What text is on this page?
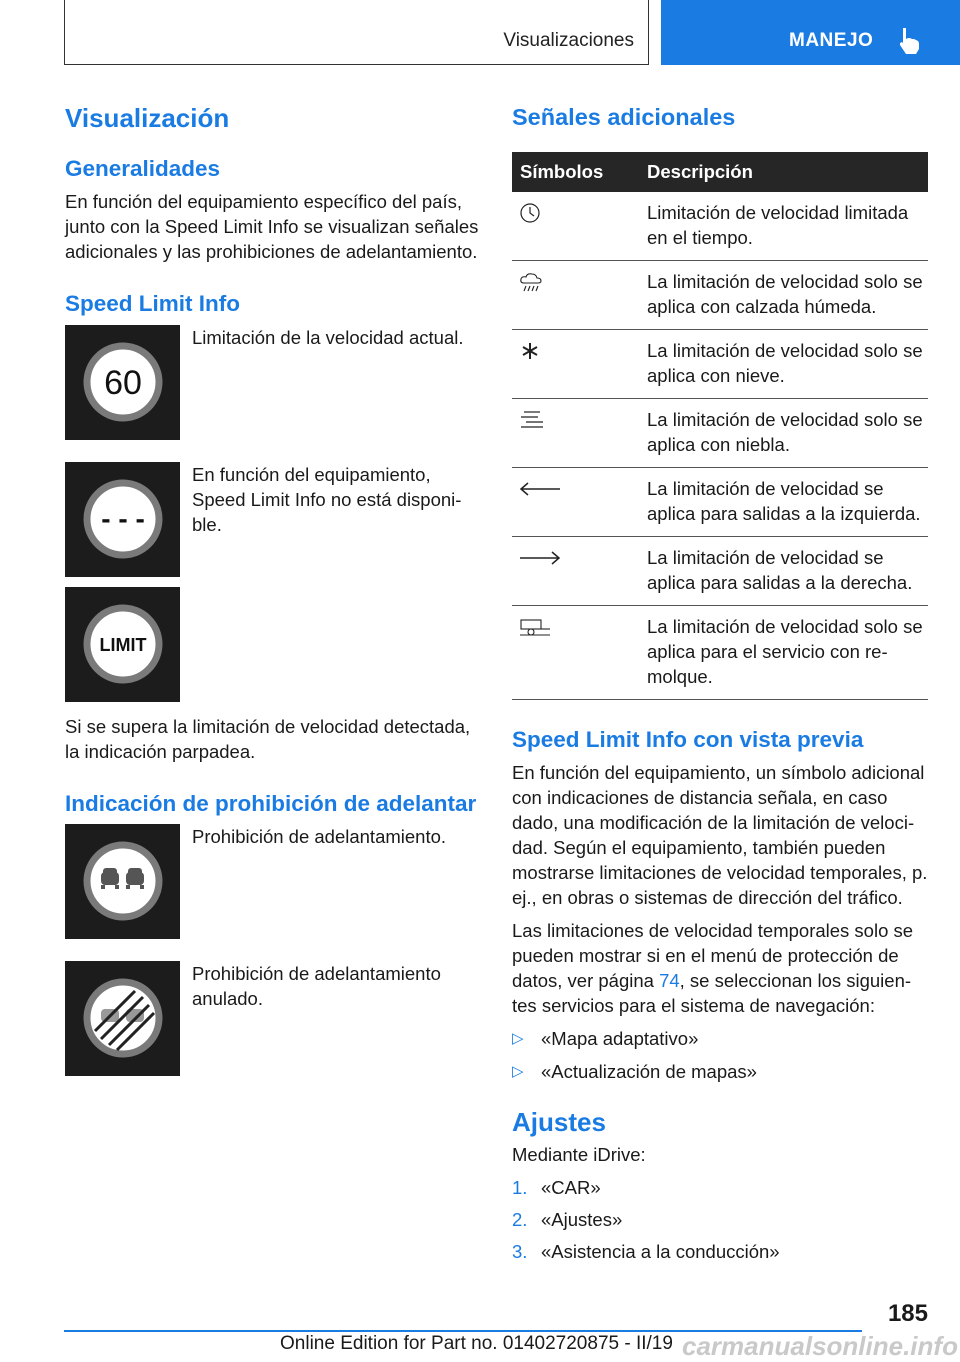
Visualizaciones	MANEJO
Visualización
Generalidades

En función del equipamiento específico del país, junto con la Speed Limit Info se visualizan señales adicionales y las prohibiciones de adelantamiento.

Speed Limit Info
60

Limitación de la velocidad actual.

- - -

En función del equipamiento, Speed Limit Info no está disponible.

LIMIT

Si se supera la limitación de velocidad detectada, la indicación parpadea.

Indicación de prohibición de adelantar

Prohibición de adelantamiento.

Prohibición de adelantamiento anulado.

Señales adicionales
Símbolos	Descripción
	Limitación de velocidad limitada en el tiempo.
	La limitación de velocidad solo se aplica con calzada húmeda.
	La limitación de velocidad solo se aplica con nieve.
	La limitación de velocidad solo se aplica con niebla.
	La limitación de velocidad se aplica para salidas a la izquierda.
	La limitación de velocidad se aplica para salidas a la derecha.
	La limitación de velocidad solo se aplica para el servicio con remolque.
Speed Limit Info con vista previa

En función del equipamiento, un símbolo adicional con indicaciones de distancia señala, en caso dado, una modificación de la limitación de velocidad. Según el equipamiento, también pueden mostrarse limitaciones de velocidad temporales, p. ej., en obras o sistemas de dirección del tráfico.

Las limitaciones de velocidad temporales solo se pueden mostrar si en el menú de protección de datos, ver página 74, se seleccionan los siguientes servicios para el sistema de navegación:

▷ «Mapa adaptativo»
▷ «Actualización de mapas»
Ajustes

Mediante iDrive:

1. «CAR»
2. «Ajustes»
3. «Asistencia a la conducción»
185
Online Edition for Part no. 01402720875 - II/19 carmanualsonline.info
